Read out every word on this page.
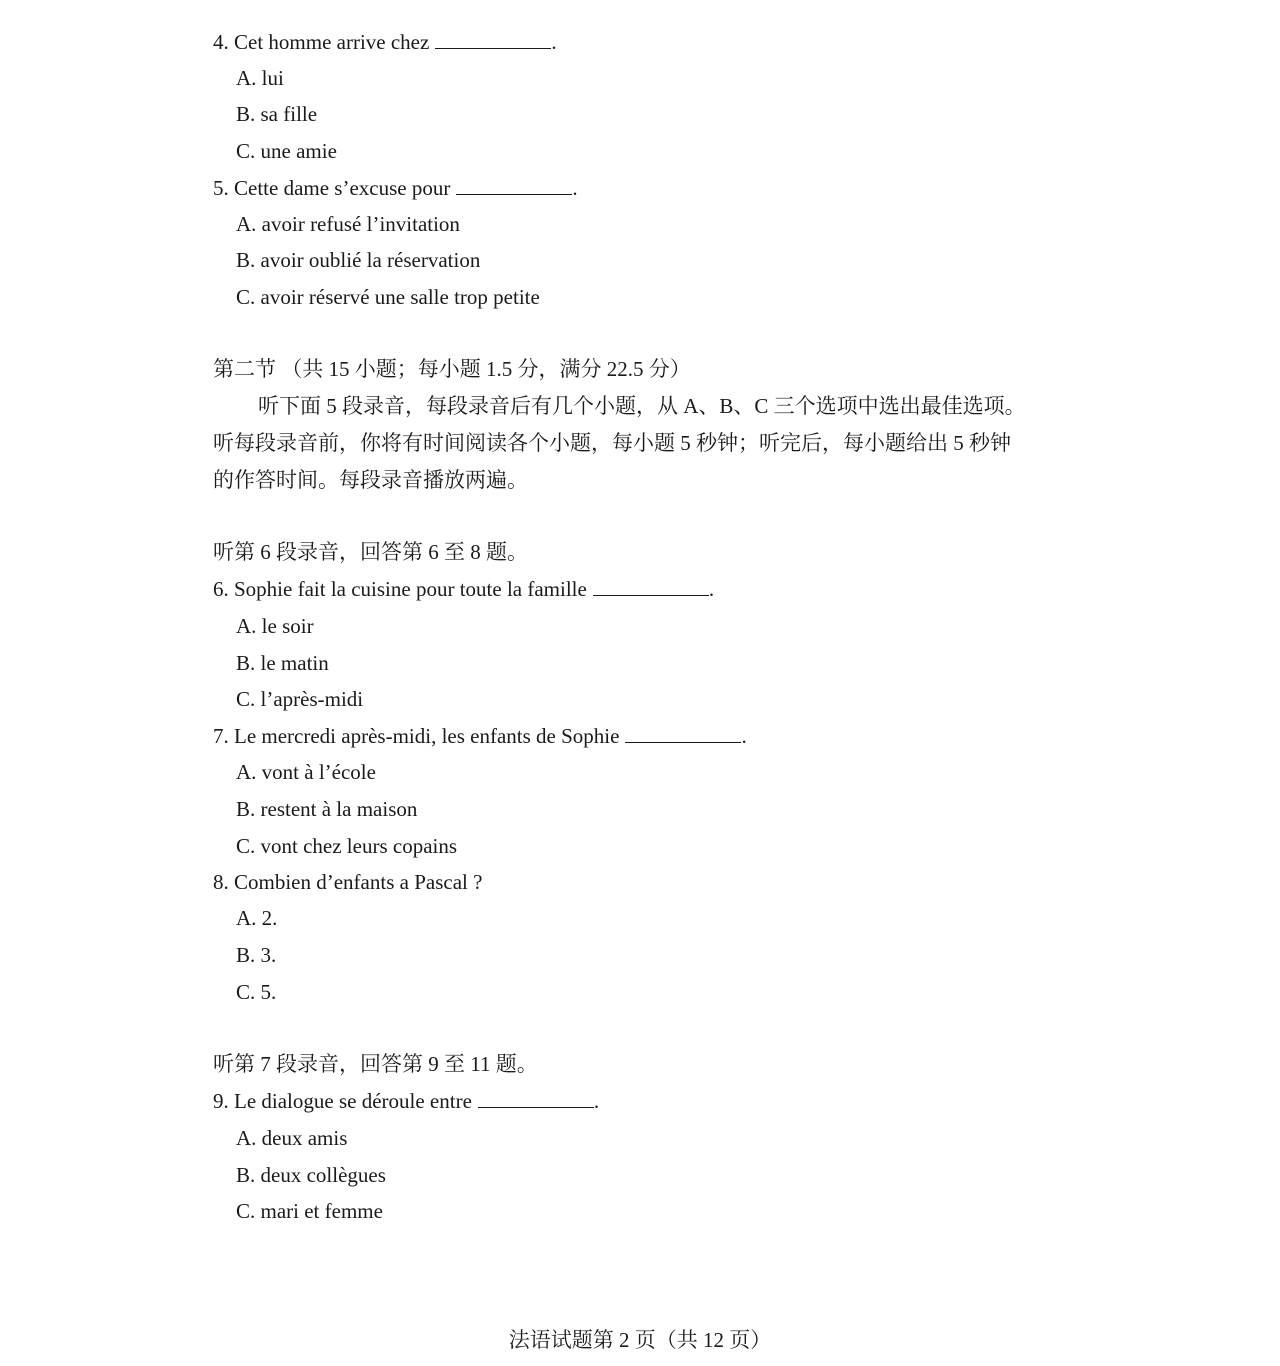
4. Cet homme arrive chez	.
A. lui
B. sa fille
C. une amie
5. Cette dame s’excuse pour	.
A. avoir refusé l’invitation
B. avoir oublié la réservation
C. avoir réservé une salle trop petite
第二节 （共 15 小题；每小题 1.5 分，满分 22.5 分）
听下面 5 段录音，每段录音后有几个小题，从 A、B、C 三个选项中选出最佳选项。
听每段录音前，你将有时间阅读各个小题，每小题 5 秒钟；听完后，每小题给出 5 秒钟
的作答时间。每段录音播放两遍。
听第 6 段录音，回答第 6 至 8 题。
6. Sophie fait la cuisine pour toute la famille	.
A. le soir
B. le matin
C. l’après-midi
7. Le mercredi après-midi, les enfants de Sophie	.
A. vont à l’école
B. restent à la maison
C. vont chez leurs copains
8. Combien d’enfants a Pascal ?
A. 2.
B. 3.
C. 5.
听第 7 段录音，回答第 9 至 11 题。
9. Le dialogue se déroule entre	.
A. deux amis
B. deux collègues
C. mari et femme
法语试题第 2 页（共 12 页）
